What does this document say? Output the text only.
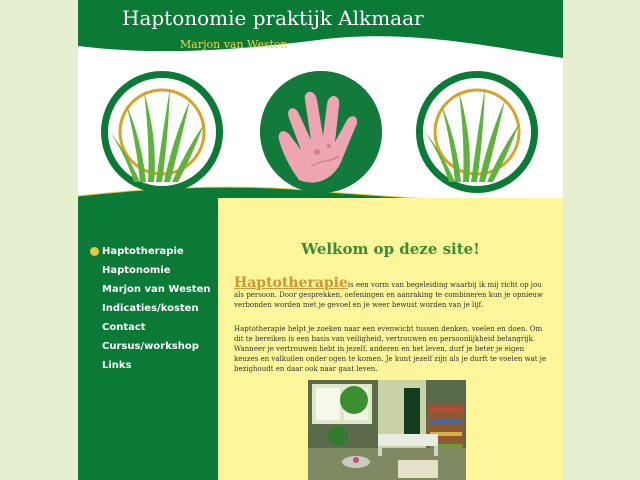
Haptonomie praktijk Alkmaar
Marjon van Westen
Haptotherapie
Haptonomie
Marjon van Westen
Indicaties/kosten
Contact
Cursus/workshop
Links
Welkom op deze site!
Haptotherapieis een vorm van begeleiding waarbij ik mij richt op jou als persoon. Door gesprekken, oefeningen en aanraking te combineren kun je opnieuw verbonden worden met je gevoel en je weer bewust worden van je lijf.

Haptotherapie helpt je zoeken naar een evenwicht tussen denken, voelen en doen. Om dit te bereiken is een basis van veiligheid, vertrouwen en persoonlijkheid belangrijk. Wanneer je vertrouwen hebt in jezelf, anderen en het leven, durf je beter je eigen keuzes en valkuilen onder ogen te komen. Je kunt jezelf zijn als je durft te voelen wat je bezighoudt en daar ook naar gaat leven.
